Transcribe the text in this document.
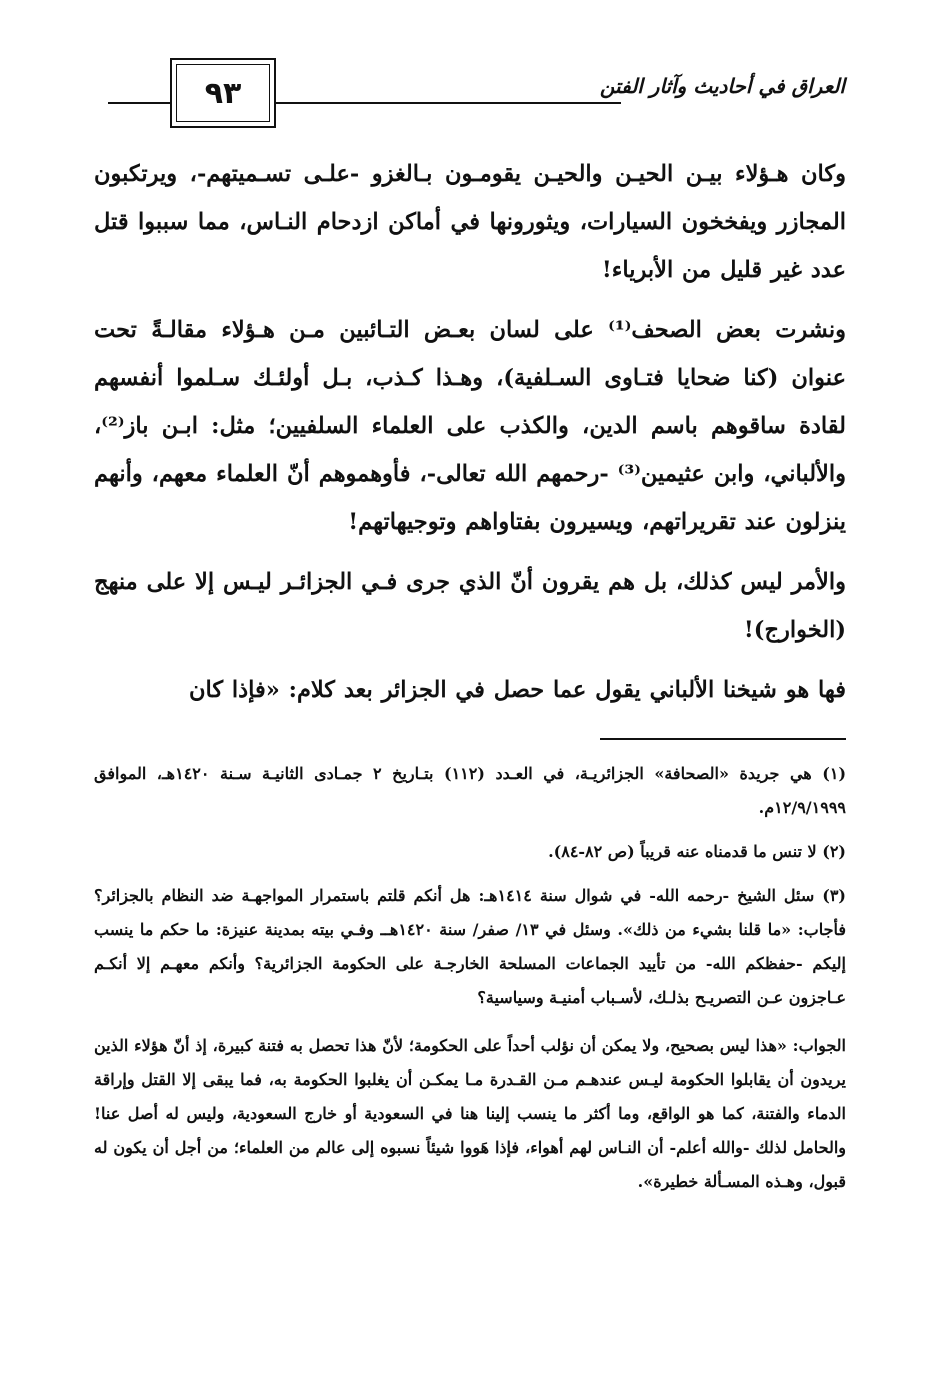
٩٣	العراق في أحاديث وآثار الفتن

وكان هـؤلاء بيـن الحيـن والحيـن يقومـون بـالغزو -علـى تسـميتهم-، ويرتكبون المجازر ويفخخون السيارات، ويثورونها في أماكن ازدحام النـاس، مما سببوا قتل عدد غير قليل من الأبرياء!

ونشرت بعض الصحف⁽¹⁾ على لسان بعـض التـائبين مـن هـؤلاء مقالـةً تحت عنوان (كنا ضحايا فتـاوى السـلفية)، وهـذا كـذب، بـل أولئـك سـلموا أنفسهم لقادة ساقوهم باسم الدين، والكذب على العلماء السلفيين؛ مثل: ابـن باز⁽²⁾، والألباني، وابن عثيمين⁽³⁾ -رحمهم الله تعالى-، فأوهموهم أنّ العلماء معهم، وأنهم ينزلون عند تقريراتهم، ويسيرون بفتاواهم وتوجيهاتهم!

والأمر ليس كذلك، بل هم يقرون أنّ الذي جرى فـي الجزائـر ليـس إلا على منهج (الخوارج)!

فها هو شيخنا الألباني يقول عما حصل في الجزائر بعد كلام: «فإذا كان

(١) هي جريدة «الصحافة» الجزائريـة، في العـدد (١١٢) بتـاريخ ٢ جمـادى الثانيـة سـنة ١٤٢٠هـ، الموافق ١٢/٩/١٩٩٩م.

(٢) لا تنس ما قدمناه عنه قريباً (ص ٨٢-٨٤).

(٣) سئل الشيخ -رحمه الله- في شوال سنة ١٤١٤هـ: هل أنكم قلتم باستمرار المواجهـة ضد النظام بالجزائر؟ فأجاب: «ما قلنا بشيء من ذلك». وسئل في ١٣/ صفر/ سنة ١٤٢٠هــ وفـي بيته بمدينة عنيزة: ما حكم ما ينسب إليكم -حفظكم الله- من تأييد الجماعات المسلحة الخارجـة على الحكومة الجزائرية؟ وأنكم معهـم إلا أنكـم عـاجزون عـن التصريـح بذلـك، لأسـباب أمنيـة وسياسية؟

الجواب: «هذا ليس بصحيح، ولا يمكن أن نؤلب أحداً على الحكومة؛ لأنّ هذا تحصل به فتنة كبيرة، إذ أنّ هؤلاء الذين يريدون أن يقابلوا الحكومة ليـس عندهـم مـن القـدرة مـا يمكـن أن يغلبوا الحكومة به، فما يبقى إلا القتل وإراقة الدماء والفتنة، كما هو الواقع، وما أكثر ما ينسب إلينا هنا في السعودية أو خارج السعودية، وليس له أصل عنا! والحامل لذلك -والله أعلم- أن النـاس لهم أهواء، فإذا هَووا شيئاً نسبوه إلى عالم من العلماء؛ من أجل أن يكون له قبول، وهـذه المسـألة خطيرة».
